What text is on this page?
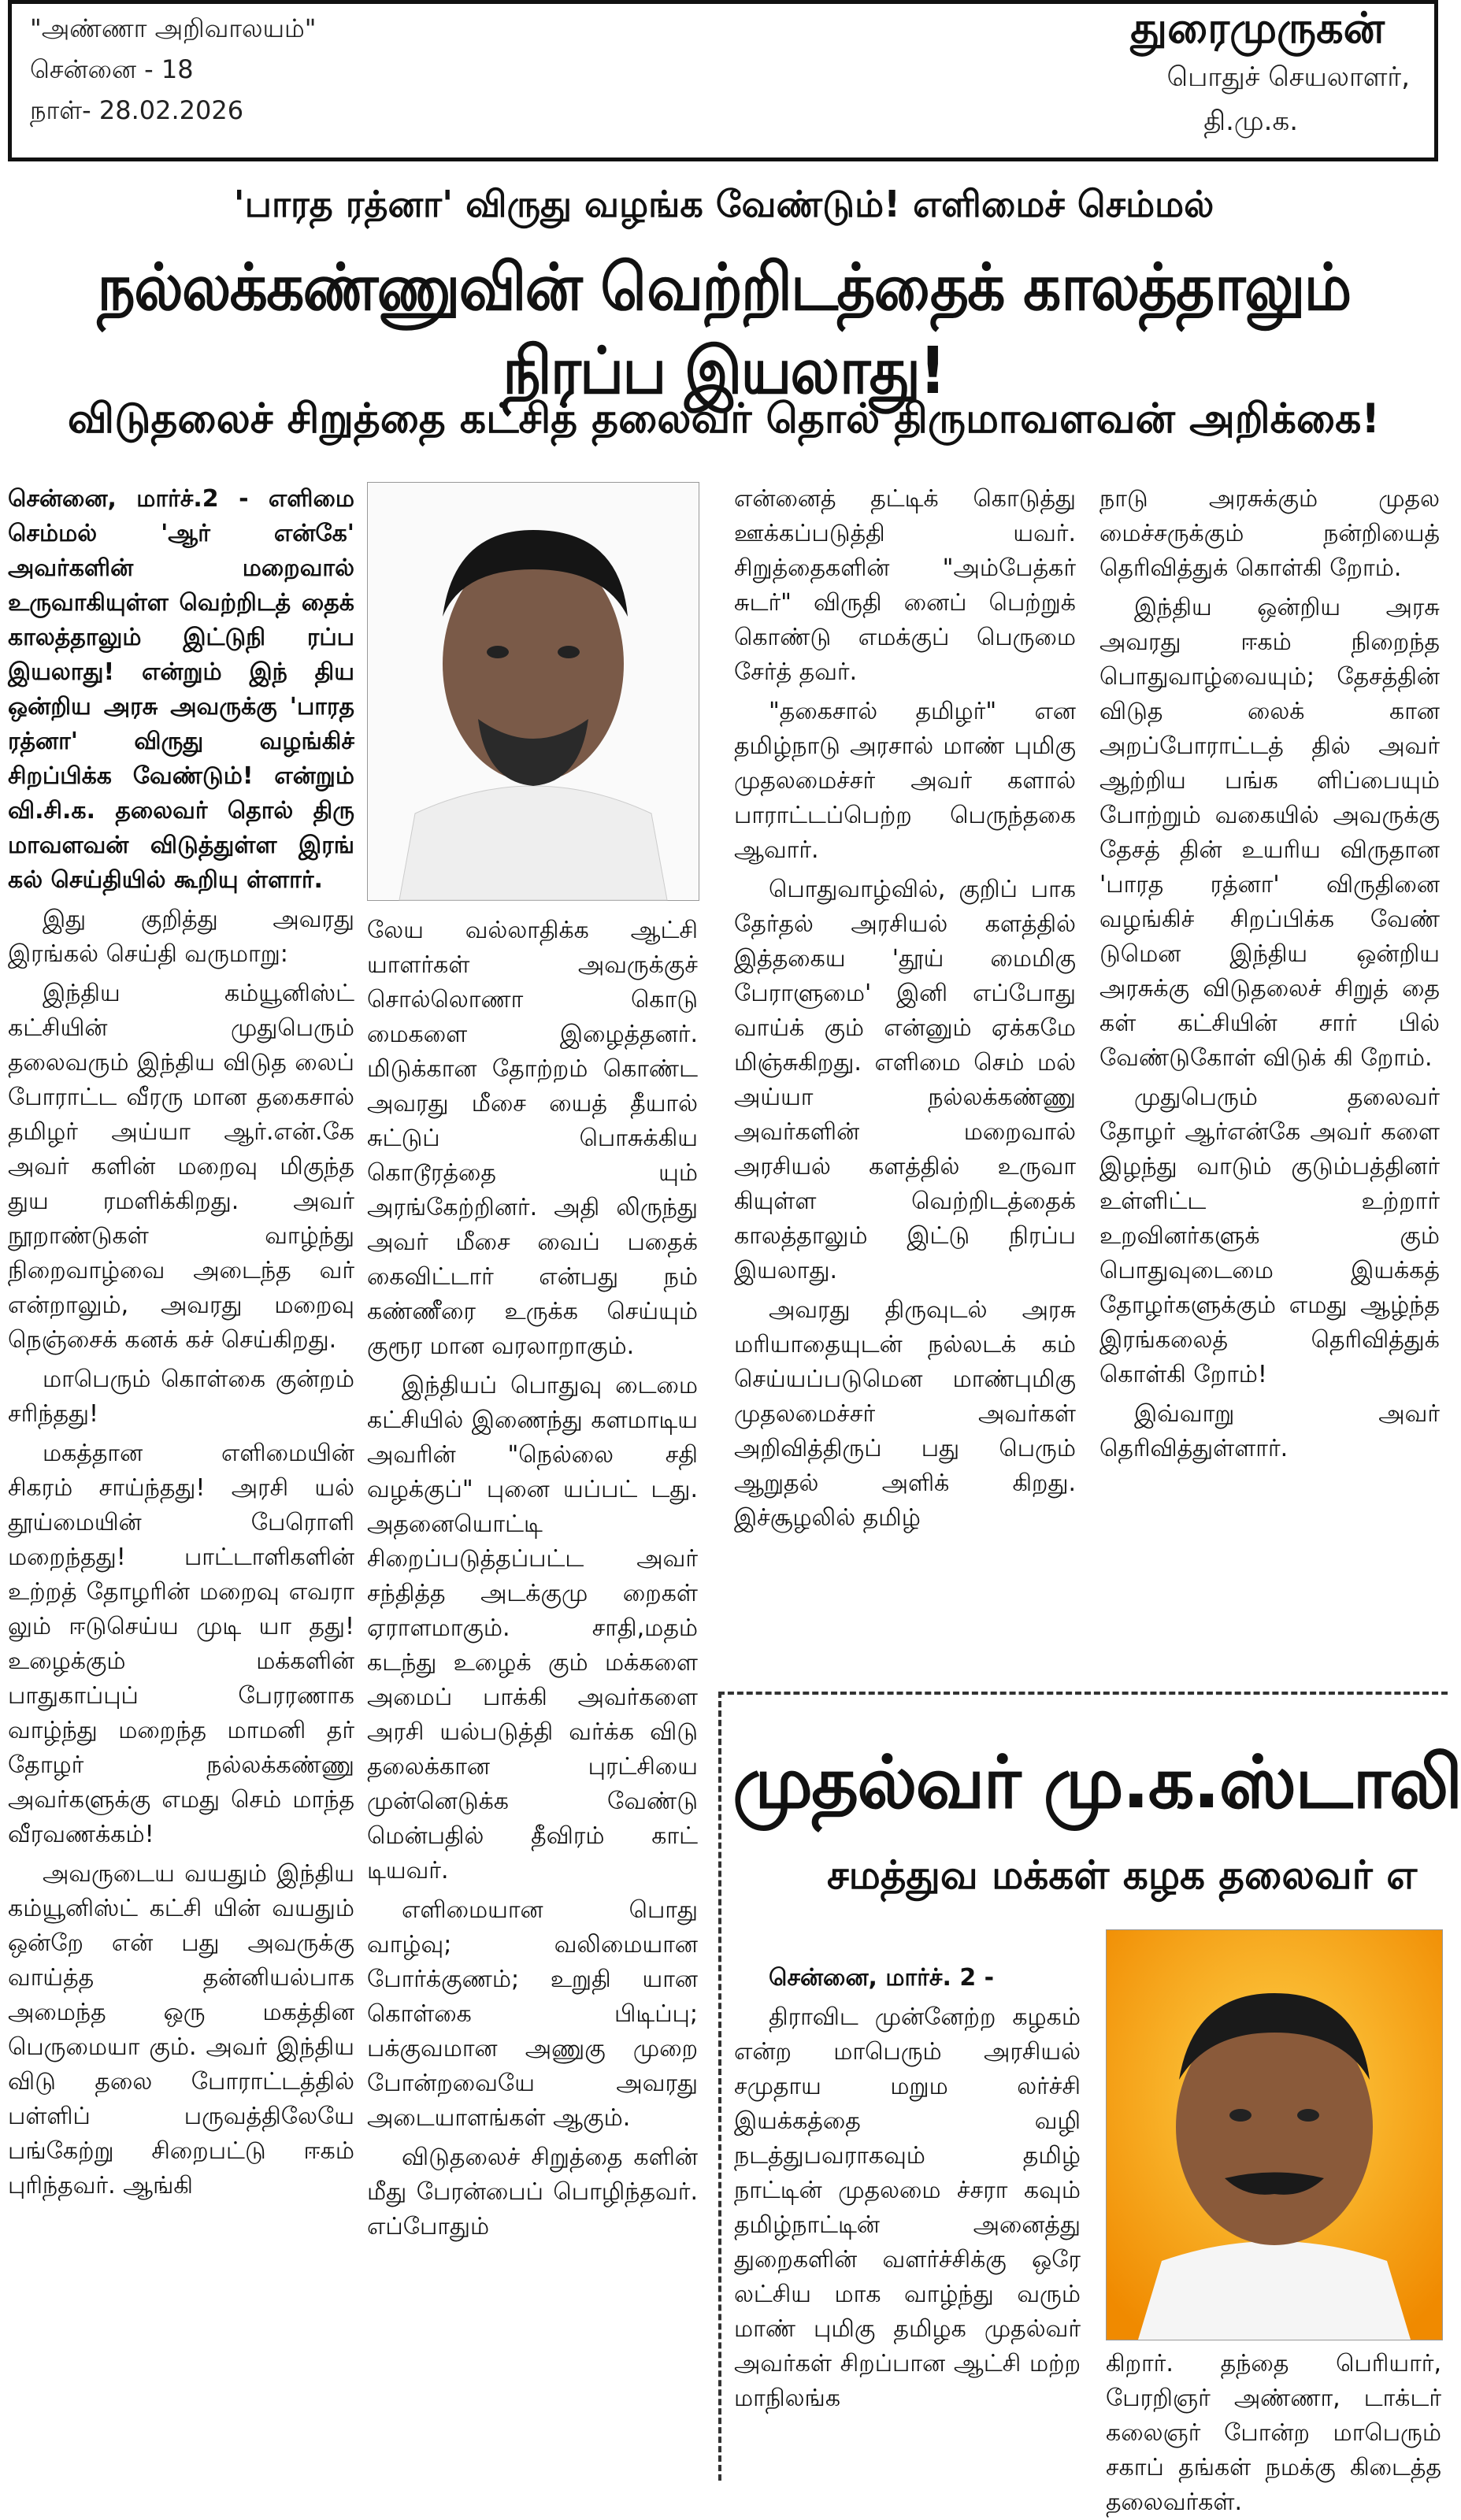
"அண்ணா அறிவாலயம்"
சென்னை - 18
நாள்- 28.02.2026
துரைமுருகன்
பொதுச் செயலாளர்,
தி.மு.க.
'பாரத ரத்னா' விருது வழங்க வேண்டும்! எளிமைச் செம்மல்
நல்லக்கண்ணுவின் வெற்றிடத்தைக் காலத்தாலும் நிரப்ப இயலாது!
விடுதலைச் சிறுத்தை கட்சித் தலைவர் தொல் திருமாவளவன் அறிக்கை!

சென்னை, மார்ச்.2 - எளிமை செம்மல் 'ஆர் என்கே' அவர்களின் மறைவால் உருவாகியுள்ள வெற்றிடத் தைக் காலத்தாலும் இட்டுநி ரப்ப இயலாது! என்றும் இந் திய ஒன்றிய அரசு அவருக்கு 'பாரத ரத்னா' விருது வழங்கிச் சிறப்பிக்க வேண்டும்! என்றும் வி.சி.க. தலைவர் தொல் திரு மாவளவன் விடுத்துள்ள இரங் கல் செய்தியில் கூறியு ள்ளார்.

இது குறித்து அவரது இரங்கல் செய்தி வருமாறு:

இந்திய கம்யூனிஸ்ட் கட்சியின் முதுபெரும் தலைவரும் இந்திய விடுத லைப் போராட்ட வீரரு மான தகைசால் தமிழர் அய்யா ஆர்.என்.கே அவர் களின் மறைவு மிகுந்த துய ரமளிக்கிறது. அவர் நூறாண்டுகள் வாழ்ந்து நிறைவாழ்வை அடைந்த வர் என்றாலும், அவரது மறைவு நெஞ்சைக் கனக் கச் செய்கிறது.

மாபெரும் கொள்கை குன்றம் சரிந்தது!

மகத்தான எளிமையின் சிகரம் சாய்ந்தது! அரசி யல் தூய்மையின் பேரொளி மறைந்தது! பாட்டாளிகளின் உற்றத் தோழரின் மறைவு எவரா லும் ஈடுசெய்ய முடி யா தது! உழைக்கும் மக்களின் பாதுகாப்புப் பேரரணாக வாழ்ந்து மறைந்த மாமனி தர் தோழர் நல்லக்கண்ணு அவர்களுக்கு எமது செம் மாந்த வீரவணக்கம்!

அவருடைய வயதும் இந்திய கம்யூனிஸ்ட் கட்சி யின் வயதும் ஒன்றே என் பது அவருக்கு வாய்த்த தன்னியல்பாக அமைந்த ஒரு மகத்தின பெருமையா கும். அவர் இந்திய விடு தலை போராட்டத்தில் பள்ளிப் பருவத்திலேயே பங்கேற்று சிறைபட்டு ஈகம் புரிந்தவர். ஆங்கி

லேய வல்லாதிக்க ஆட்சி யாளர்கள் அவருக்குச் சொல்லொணா கொடு மைகளை இழைத்தனர். மிடுக்கான தோற்றம் கொண்ட அவரது மீசை யைத் தீயால் சுட்டுப் பொசுக்கிய கொடூரத்தை யும் அரங்கேற்றினர். அதி லிருந்து அவர் மீசை வைப் பதைக் கைவிட்டார் என்பது நம் கண்ணீரை உருக்க செய்யும் குரூர மான வரலாறாகும்.

இந்தியப் பொதுவு டைமை கட்சியில் இணைந்து களமாடிய அவரின் "நெல்லை சதி வழக்குப்" புனை யப்பட் டது. அதனையொட்டி சிறைப்படுத்தப்பட்ட அவர் சந்தித்த அடக்குமு றைகள் ஏராளமாகும். சாதி,மதம் கடந்து உழைக் கும் மக்களை அமைப் பாக்கி அவர்களை அரசி யல்படுத்தி வர்க்க விடு தலைக்கான புரட்சியை முன்னெடுக்க வேண்டு மென்பதில் தீவிரம் காட் டியவர்.

எளிமையான பொது வாழ்வு; வலிமையான போர்க்குணம்; உறுதி யான கொள்கை பிடிப்பு; பக்குவமான அணுகு முறை போன்றவையே அவரது அடையாளங்கள் ஆகும்.

விடுதலைச் சிறுத்தை களின் மீது பேரன்பைப் பொழிந்தவர். எப்போதும்

என்னைத் தட்டிக் கொடுத்து ஊக்கப்படுத்தி யவர். சிறுத்தைகளின் "அம்பேத்கர் சுடர்" விருதி னைப் பெற்றுக் கொண்டு எமக்குப் பெருமை சேர்த் தவர்.

"தகைசால் தமிழர்" என தமிழ்நாடு அரசால் மாண் புமிகு முதலமைச்சர் அவர் களால் பாராட்டப்பெற்ற பெருந்தகை ஆவார்.

பொதுவாழ்வில், குறிப் பாக தேர்தல் அரசியல் களத்தில் இத்தகைய 'தூய் மைமிகு பேராளுமை' இனி எப்போது வாய்க் கும் என்னும் ஏக்கமே மிஞ்சுகிறது. எளிமை செம் மல் அய்யா நல்லக்கண்ணு அவர்களின் மறைவால் அரசியல் களத்தில் உருவா கியுள்ள வெற்றிடத்தைக் காலத்தாலும் இட்டு நிரப்ப இயலாது.

அவரது திருவுடல் அரசு மரியாதையுடன் நல்லடக் கம் செய்யப்படுமென மாண்புமிகு முதலமைச்சர் அவர்கள் அறிவித்திருப் பது பெரும் ஆறுதல் அளிக் கிறது. இச்சூழலில் தமிழ்

நாடு அரசுக்கும் முதல மைச்சருக்கும் நன்றியைத் தெரிவித்துக் கொள்கி றோம்.

இந்திய ஒன்றிய அரசு அவரது ஈகம் நிறைந்த பொதுவாழ்வையும்; தேசத்தின் விடுத லைக் கான அறப்போராட்டத் தில் அவர் ஆற்றிய பங்க ளிப்பையும் போற்றும் வகையில் அவருக்கு தேசத் தின் உயரிய விருதான 'பாரத ரத்னா' விருதினை வழங்கிச் சிறப்பிக்க வேண் டுமென இந்திய ஒன்றிய அரசுக்கு விடுதலைச் சிறுத் தை கள் கட்சியின் சார் பில் வேண்டுகோள் விடுக் கி றோம்.

முதுபெரும் தலைவர் தோழர் ஆர்என்கே அவர் களை இழந்து வாடும் குடும்பத்தினர் உள்ளிட்ட உற்றார் உறவினர்களுக் கும் பொதுவுடைமை இயக்கத் தோழர்களுக்கும் எமது ஆழ்ந்த இரங்கலைத் தெரிவித்துக் கொள்கி றோம்!

இவ்வாறு அவர் தெரிவித்துள்ளார்.

முதல்வர் மு.க.ஸ்டாலி
சமத்துவ மக்கள் கழக தலைவர் எ

சென்னை, மார்ச். 2 -

திராவிட முன்னேற்ற கழகம் என்ற மாபெரும் அரசியல் சமுதாய மறும லர்ச்சி இயக்கத்தை வழி நடத்துபவராகவும் தமிழ் நாட்டின் முதலமை ச்சரா கவும் தமிழ்நாட்டின் அனைத்து துறைகளின் வளர்ச்சிக்கு ஒரே லட்சிய மாக வாழ்ந்து வரும் மாண் புமிகு தமிழக முதல்வர் அவர்கள் சிறப்பான ஆட்சி மற்ற மாநிலங்க

கிறார். தந்தை பெரியார், பேரறிஞர் அண்ணா, டாக்டர் கலைஞர் போன்ற மாபெரும் சகாப் தங்கள் நமக்கு கிடைத்த தலைவர்கள்.
